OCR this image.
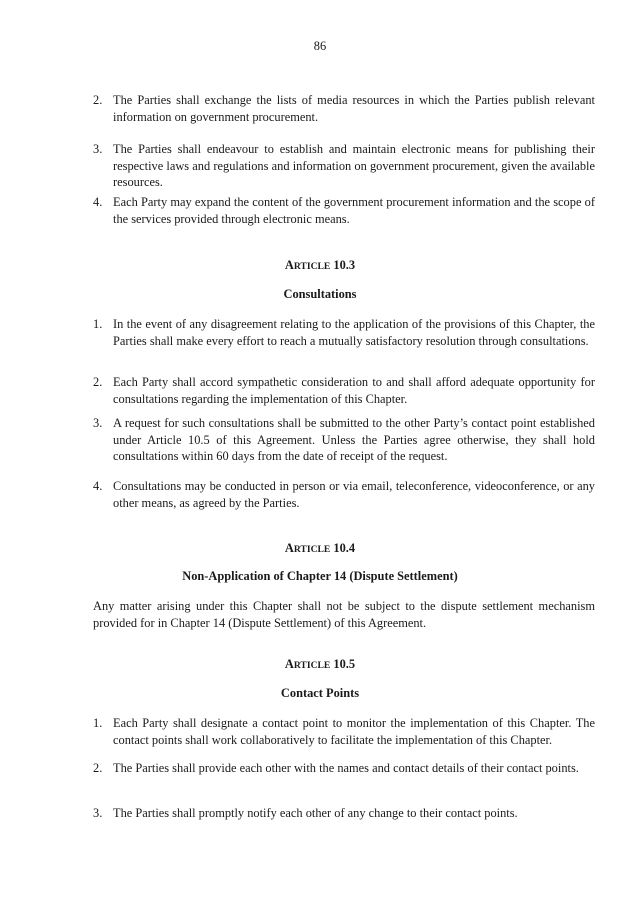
86
2. The Parties shall exchange the lists of media resources in which the Parties publish relevant information on government procurement.
3. The Parties shall endeavour to establish and maintain electronic means for publishing their respective laws and regulations and information on government procurement, given the available resources.
4. Each Party may expand the content of the government procurement information and the scope of the services provided through electronic means.
ARTICLE 10.3
Consultations
1. In the event of any disagreement relating to the application of the provisions of this Chapter, the Parties shall make every effort to reach a mutually satisfactory resolution through consultations.
2. Each Party shall accord sympathetic consideration to and shall afford adequate opportunity for consultations regarding the implementation of this Chapter.
3. A request for such consultations shall be submitted to the other Party’s contact point established under Article 10.5 of this Agreement. Unless the Parties agree otherwise, they shall hold consultations within 60 days from the date of receipt of the request.
4. Consultations may be conducted in person or via email, teleconference, videoconference, or any other means, as agreed by the Parties.
ARTICLE 10.4
Non-Application of Chapter 14 (Dispute Settlement)
Any matter arising under this Chapter shall not be subject to the dispute settlement mechanism provided for in Chapter 14 (Dispute Settlement) of this Agreement.
ARTICLE 10.5
Contact Points
1. Each Party shall designate a contact point to monitor the implementation of this Chapter. The contact points shall work collaboratively to facilitate the implementation of this Chapter.
2. The Parties shall provide each other with the names and contact details of their contact points.
3. The Parties shall promptly notify each other of any change to their contact points.
